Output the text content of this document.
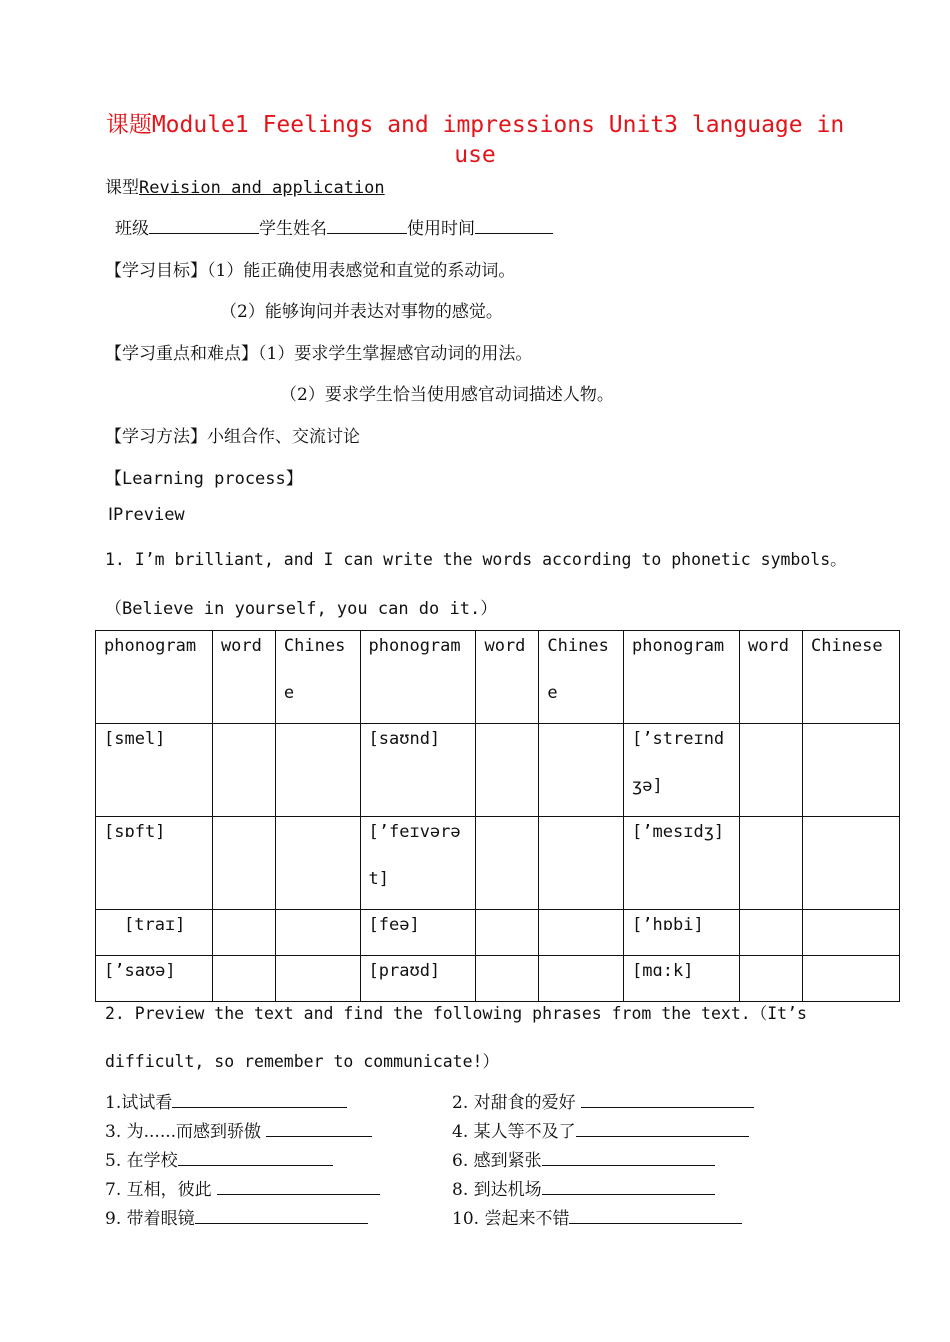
课题Module1 Feelings and impressions Unit3 language in use
课型Revision and application
班级	学生姓名	使用时间
【学习目标】（1）能正确使用表感觉和直觉的系动词。
（2）能够询问并表达对事物的感觉。
【学习重点和难点】（1）要求学生掌握感官动词的用法。
（2）要求学生恰当使用感官动词描述人物。
【学习方法】小组合作、交流讨论
【Learning process】
ⅠPreview
1. I’m brilliant, and I can write the words according to phonetic symbols。
（Believe in yourself, you can do it.）
phonogram	word	Chinese	phonogram	word	Chinese	phonogram	word	Chinese

[smel]			[saʊnd]			[’streɪndʒə]		

[sɒft]			[’feɪvərət]			[’mesɪdʒ]		

[traɪ]			[feə]			[’hɒbi]		

[’saʊə]			[praʊd]			[mɑ:k]		

2. Preview the text and find the following phrases from the text.（It’s
difficult, so remember to communicate!）
1.试试看	2. 对甜食的爱好
3. 为......而感到骄傲	4. 某人等不及了
5. 在学校	6. 感到紧张
7. 互相，彼此	8. 到达机场
9. 带着眼镜	10. 尝起来不错
